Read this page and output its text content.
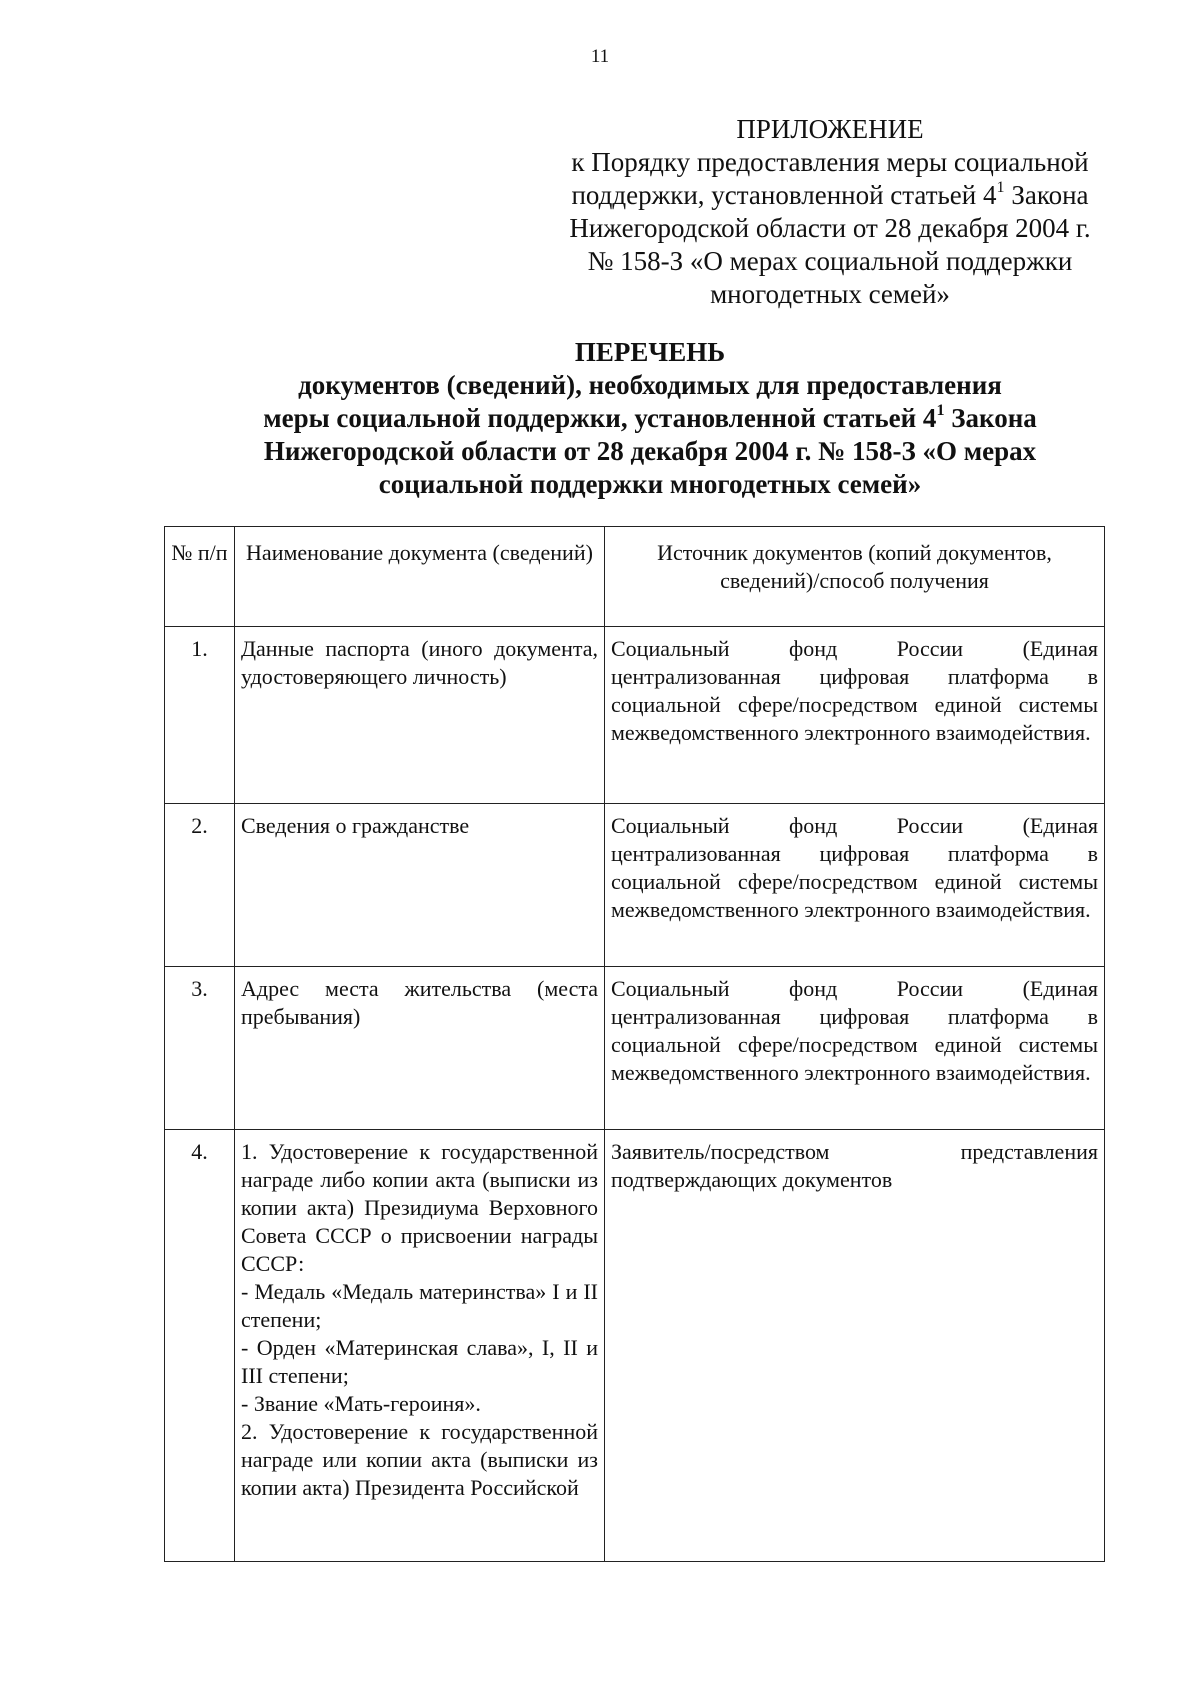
11
ПРИЛОЖЕНИЕ
к Порядку предоставления меры социальной
поддержки, установленной статьей $4^1$ Закона
Нижегородской области от 28 декабря 2004 г.
№ 158-З «О мерах социальной поддержки
многодетных семей»
ПЕРЕЧЕНЬ
документов (сведений), необходимых для предоставления
меры социальной поддержки, установленной статьей $4^1$ Закона
Нижегородской области от 28 декабря 2004 г. № 158-З «О мерах
социальной поддержки многодетных семей»
№ п/п	Наименование документа (сведений)	Источник документов (копий документов, сведений)/способ получения
1.	Данные паспорта (иного документа, удостоверяющего личность)	Социальный фонд России (Единая централизованная цифровая платформа в социальной сфере/посредством единой системы межведомственного электронного взаимодействия.
2.	Сведения о гражданстве	Социальный фонд России (Единая централизованная цифровая платформа в социальной сфере/посредством единой системы межведомственного электронного взаимодействия.
3.	Адрес места жительства (места пребывания)	Социальный фонд России (Единая централизованная цифровая платформа в социальной сфере/посредством единой системы межведомственного электронного взаимодействия.
4.	1. Удостоверение к государственной награде либо копии акта (выписки из копии акта) Президиума Верховного Совета СССР о присвоении награды СССР:
- Медаль «Медаль материнства» I и II степени;
- Орден «Материнская слава», I, II и III степени;
- Звание «Мать-героиня».
2. Удостоверение к государственной награде или копии акта (выписки из копии акта) Президента Российской	Заявитель/посредством представления подтверждающих документов
